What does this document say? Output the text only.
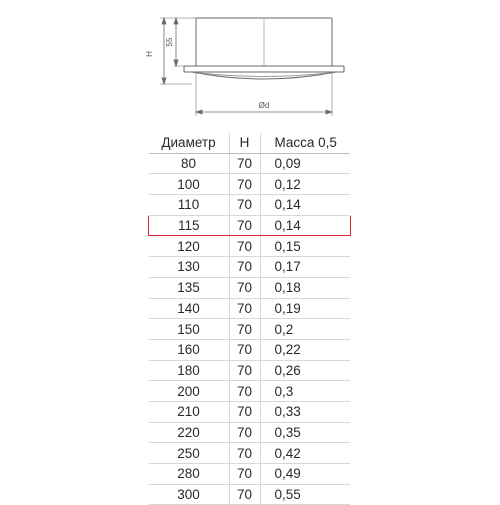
H
55
Ød
Диаметр	H	Масса 0,5
80	70	0,09
100	70	0,12
110	70	0,14
115	70	0,14
120	70	0,15
130	70	0,17
135	70	0,18
140	70	0,19
150	70	0,2
160	70	0,22
180	70	0,26
200	70	0,3
210	70	0,33
220	70	0,35
250	70	0,42
280	70	0,49
300	70	0,55
